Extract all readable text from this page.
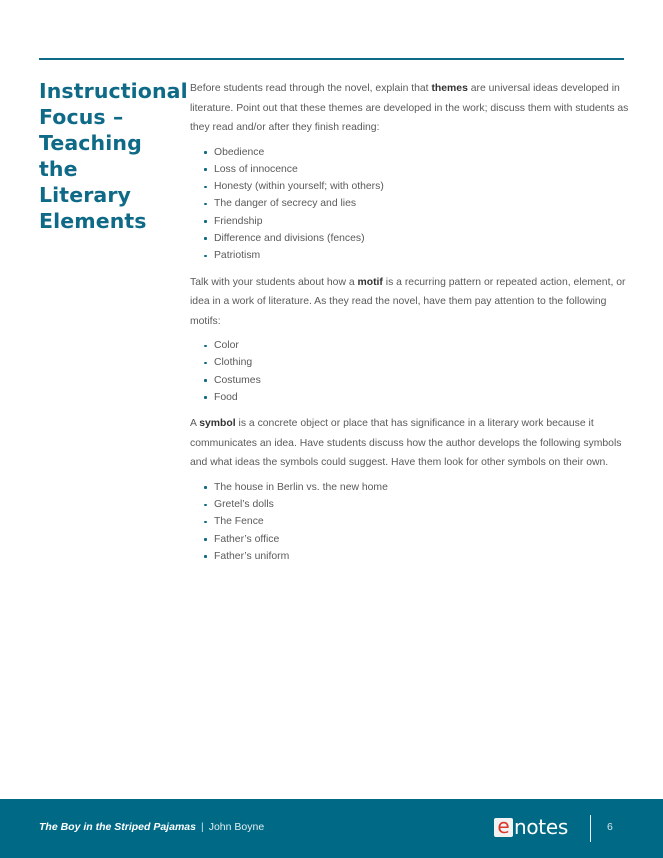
Instructional
Focus –
Teaching the
Literary
Elements

Before students read through the novel, explain that themes are universal ideas developed in literature. Point out that these themes are developed in the work; discuss them with students as they read and/or after they finish reading:

Obedience
Loss of innocence
Honesty (within yourself; with others)
The danger of secrecy and lies
Friendship
Difference and divisions (fences)
Patriotism

Talk with your students about how a motif is a recurring pattern or repeated action, element, or idea in a work of literature. As they read the novel, have them pay attention to the following motifs:

Color
Clothing
Costumes
Food

A symbol is a concrete object or place that has significance in a literary work because it communicates an idea. Have students discuss how the author develops the following symbols and what ideas the symbols could suggest. Have them look for other symbols on their own.

The house in Berlin vs. the new home
Gretel’s dolls
The Fence
Father’s office
Father’s uniform
The Boy in the Striped Pajamas | John Boyne	e notes	6
